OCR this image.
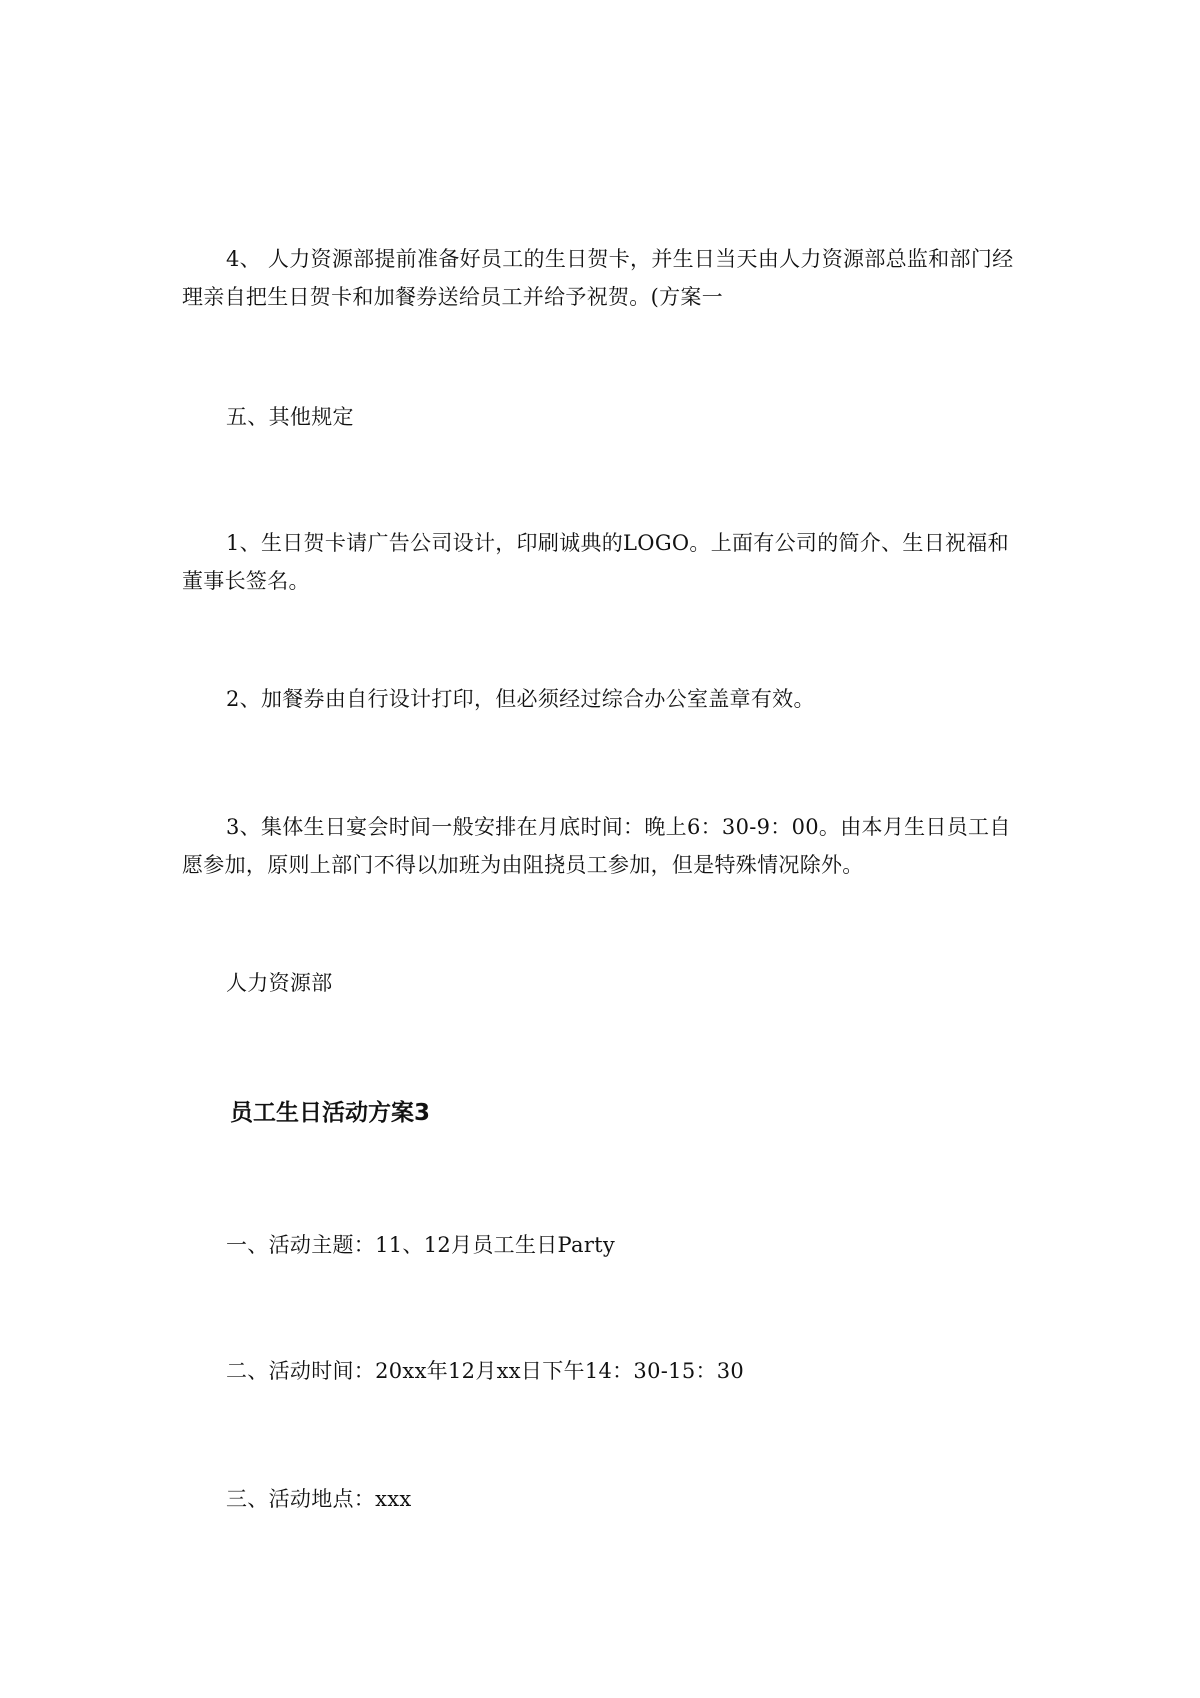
4、 人力资源部提前准备好员工的生日贺卡，并生日当天由人力资源部总监和部门经理亲自把生日贺卡和加餐券送给员工并给予祝贺。(方案一

五、其他规定

1、生日贺卡请广告公司设计，印刷诚典的LOGO。上面有公司的简介、生日祝福和董事长签名。

2、加餐券由自行设计打印，但必须经过综合办公室盖章有效。

3、集体生日宴会时间一般安排在月底时间：晚上6：30-9：00。由本月生日员工自愿参加，原则上部门不得以加班为由阻挠员工参加，但是特殊情况除外。

人力资源部

员工生日活动方案3

一、活动主题：11、12月员工生日Party

二、活动时间：20xx年12月xx日下午14：30-15：30

三、活动地点：xxx
